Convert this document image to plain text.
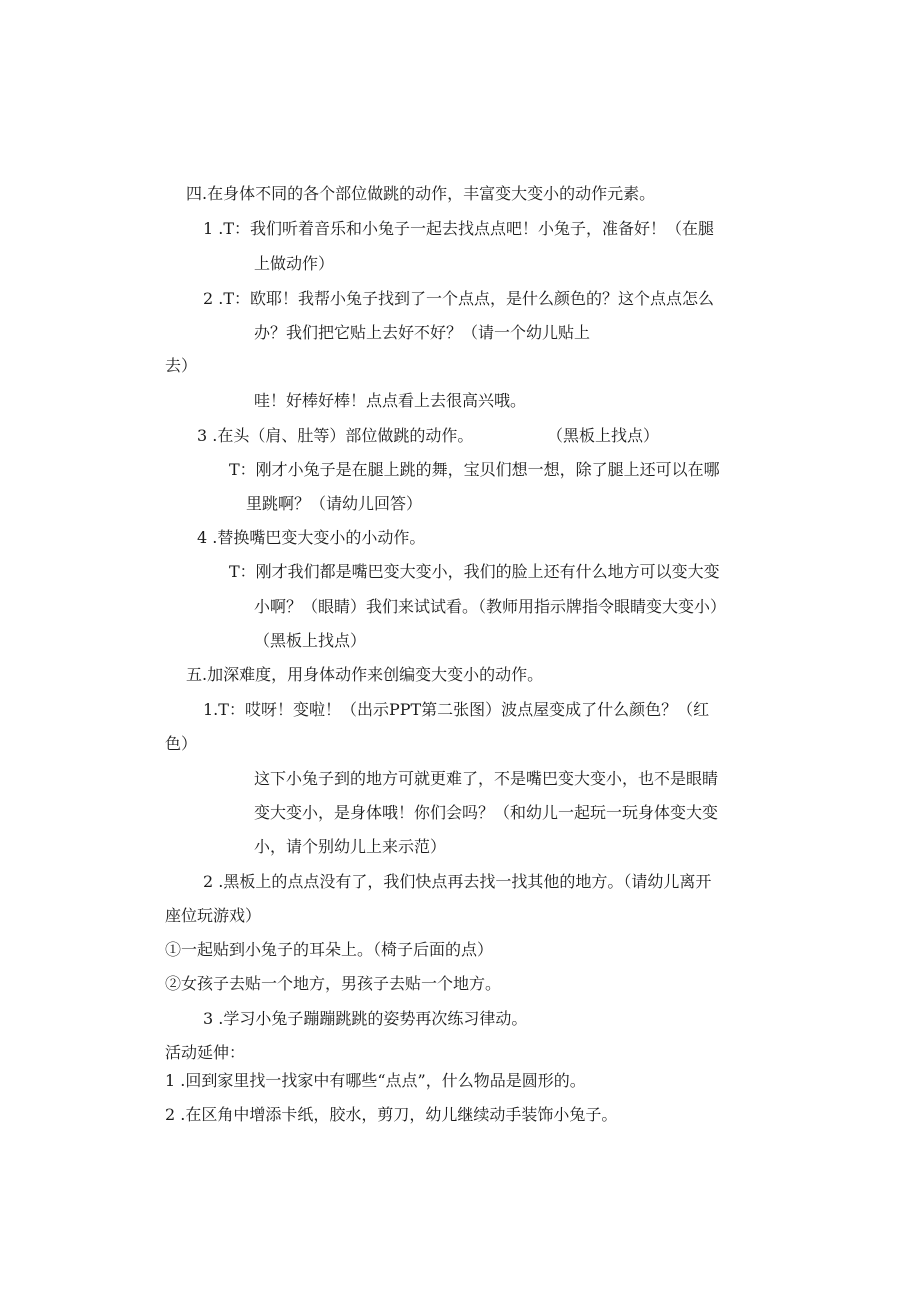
四.在身体不同的各个部位做跳的动作，丰富变大变小的动作元素。
1 .T：我们听着音乐和小兔子一起去找点点吧！小兔子，准备好！（在腿
上做动作）
2 .T：欧耶！我帮小兔子找到了一个点点，是什么颜色的？这个点点怎么
办？我们把它贴上去好不好？（请一个幼儿贴上
去）
哇！好棒好棒！点点看上去很高兴哦。
3 .在头（肩、肚等）部位做跳的动作。	（黑板上找点）
T：刚才小兔子是在腿上跳的舞，宝贝们想一想，除了腿上还可以在哪
里跳啊？（请幼儿回答）
4 .替换嘴巴变大变小的小动作。
T：刚才我们都是嘴巴变大变小，我们的脸上还有什么地方可以变大变
小啊？（眼睛）我们来试试看。（教师用指示牌指令眼睛变大变小）
（黑板上找点）
五.加深难度，用身体动作来创编变大变小的动作。
1.T：哎呀！变啦！（出示PPT第二张图）波点屋变成了什么颜色？（红
色）
这下小兔子到的地方可就更难了，不是嘴巴变大变小，也不是眼睛
变大变小，是身体哦！你们会吗？（和幼儿一起玩一玩身体变大变
小，请个别幼儿上来示范）
2 .黑板上的点点没有了，我们快点再去找一找其他的地方。（请幼儿离开
座位玩游戏）
①一起贴到小兔子的耳朵上。（椅子后面的点）
②女孩子去贴一个地方，男孩子去贴一个地方。
3 .学习小兔子蹦蹦跳跳的姿势再次练习律动。
活动延伸：
1 .回到家里找一找家中有哪些“点点”，什么物品是圆形的。
2 .在区角中增添卡纸，胶水，剪刀，幼儿继续动手装饰小兔子。
